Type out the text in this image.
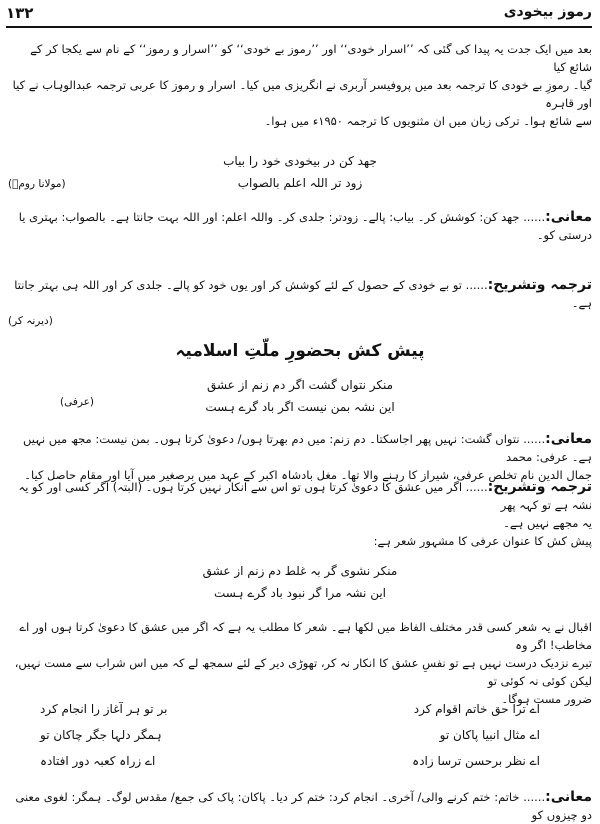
۱۳۲	رموز بیخودی
بعد میں ایک جدت یہ پیدا کی گئی کہ ’’اسرار خودی‘‘ اور ’’رموز بے خودی‘‘ کو ’’اسرار و رموز‘‘ کے نام سے یکجا کر کے شائع کیا
گیا۔ رموزِ بے خودی کا ترجمہ بعد میں پروفیسر آربری نے انگریزی میں کیا۔ اسرار و رموز کا عربی ترجمہ عبدالوہاب نے کیا اور قاہرہ
سے شائع ہوا۔ ترکی زبان میں ان مثنویوں کا ترجمہ ۱۹۵۰ء میں ہوا۔
جهد کن در بیخودی خود را بیاب
زود تر اللہ اعلم بالصواب
(مولانا رومؒ)
معانی:...... جهد کن: کوشش کر۔ بیاب: پالے۔ زودتر: جلدی کر۔ واللہ اعلم: اور اللہ بہت جانتا ہے۔ بالصواب: بہتری یا
درستی کو۔
ترجمہ وتشریح:...... تو بے خودی کے حصول کے لئے کوشش کر اور یوں خود کو پالے۔ جلدی کر اور اللہ ہی بہتر جانتا ہے۔
(دیرنہ کر)
پیش کش بحضورِ ملّتِ اسلامیہ
منکر نتواں گشت اگر دم زنم از عشق
این نشہ بمن نیست اگر باد گرے ہست
(عرفی)
معانی:...... نتواں گشت: نہیں پھر اجاسکتا۔ دم زنم: میں دم بھرتا ہوں/ دعویٰ کرتا ہوں۔ بمن نیست: مجھ میں نہیں ہے۔ عرفی: محمد
جمال الدین نام تخلص عرفی، شیراز کا رہنے والا تھا۔ مغل بادشاہ اکبر کے عہد میں برصغیر میں آیا اور مقام حاصل کیا۔
ترجمہ وتشریح:...... اگر میں عشق کا دعویٰ کرتا ہوں تو اس سے انکار نہیں کرتا ہوں۔ (البتہ) اگر کسی اور کو یہ نشہ ہے تو کہہ پھر
یہ مجھے نہیں ہے۔
پیش کش کا عنوان عرفی کا مشہور شعر ہے:
منکر نشوی گر بہ غلط دم زنم از عشق
این نشہ مرا گر نبود باد گرے ہست
اقبال نے یہ شعر کسی قدر مختلف الفاظ میں لکھا ہے۔ شعر کا مطلب یہ ہے کہ اگر میں عشق کا دعویٰ کرتا ہوں اور اے مخاطب! اگر وہ
تیرے نزدیک درست نہیں ہے تو نفسِ عشق کا انکار نہ کر، تھوڑی دیر کے لئے سمجھ لے کہ میں اس شراب سے مست نہیں، لیکن کوئی نہ کوئی تو
ضرور مست ہوگا۔
اے ترا حق خاتم اقوام کرد
بر تو ہر آغاز را انجام کرد
اے مثال انبیا پاکان تو
ہمگر دلہا جگر چاکان تو
اے نظر برحسن ترسا زادہ
اے زراہ کعبہ دور افتادہ
معانی:...... خاتم: ختم کرنے والی/ آخری۔ انجام کرد: ختم کر دیا۔ پاکان: پاک کی جمع/ مقدس لوگ۔ ہمگر: لغوی معنی دو چیزوں کو
